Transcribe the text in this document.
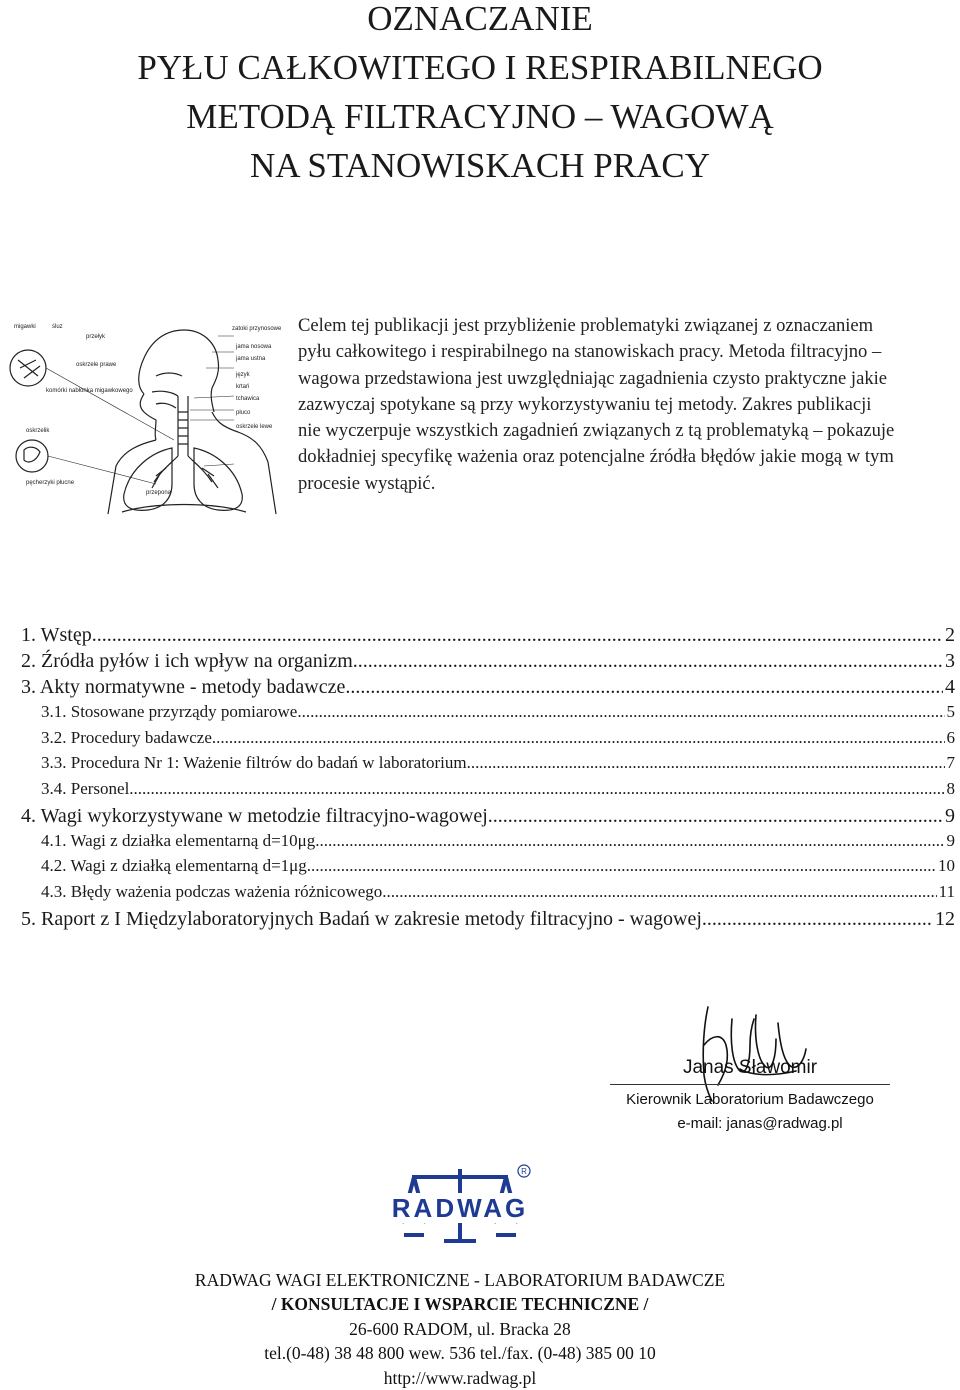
OZNACZANIE
PYŁU CAŁKOWITEGO I RESPIRABILNEGO
METODĄ FILTRACYJNO – WAGOWĄ
NA STANOWISKACH PRACY
migawki	śluz
przełyk
zatoki przynosowe
jama nosowa
jama ustna
oskrzele prawe
komórki nabłonka migawkowego
język
krtań
tchawica
oskrzele lewe
płuco
oskrzelik
pęcherzyki płucne
przepona
Celem tej publikacji jest przybliżenie problematyki związanej z oznaczaniem pyłu całkowitego i respirabilnego na stanowiskach pracy. Metoda filtracyjno – wagowa przedstawiona jest uwzględniając zagadnienia czysto praktyczne jakie zazwyczaj spotykane są przy wykorzystywaniu tej metody. Zakres publikacji nie wyczerpuje wszystkich zagadnień związanych z tą problematyką – pokazuje dokładniej specyfikę ważenia oraz potencjalne źródła błędów jakie mogą w tym procesie wystąpić.
1. Wstęp .....	2
2. Źródła pyłów i ich wpływ na organizm .....	3
3. Akty normatywne - metody badawcze .....	4
3.1. Stosowane przyrządy pomiarowe .....	5
3.2. Procedury badawcze .....	6
3.3. Procedura Nr 1: Ważenie filtrów do badań w laboratorium .....	7
3.4. Personel .....	8
4. Wagi wykorzystywane w metodzie filtracyjno-wagowej .....	9
4.1. Wagi z działka elementarną d=10μg .....	9
4.2. Wagi z działką elementarną d=1μg .....	10
4.3. Błędy ważenia podczas ważenia różnicowego .....	11
5. Raport z I Międzylaboratoryjnych Badań w zakresie metody filtracyjno - wagowej .....	12
Janas Sławomir
Kierownik Laboratorium Badawczego
e-mail: janas@radwag.pl
RADWAG
R
RADWAG WAGI ELEKTRONICZNE - LABORATORIUM BADAWCZE
/ KONSULTACJE I WSPARCIE TECHNICZNE /
26-600 RADOM, ul. Bracka 28
tel.(0-48) 38 48 800 wew. 536 tel./fax. (0-48) 385 00 10
http://www.radwag.pl
